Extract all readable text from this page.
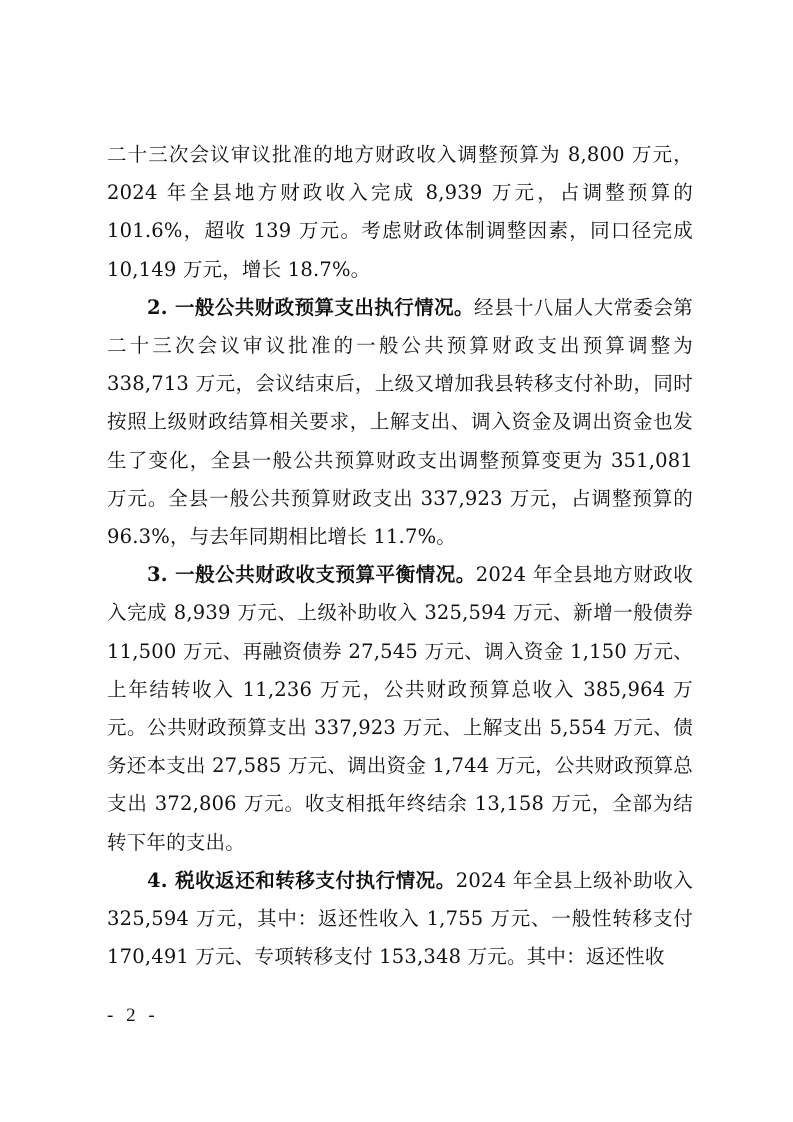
二十三次会议审议批准的地方财政收入调整预算为 8,800 万元，2024 年全县地方财政收入完成 8,939 万元，占调整预算的 101.6%，超收 139 万元。考虑财政体制调整因素，同口径完成 10,149 万元，增长 18.7%。

2. 一般公共财政预算支出执行情况。经县十八届人大常委会第二十三次会议审议批准的一般公共预算财政支出预算调整为 338,713 万元，会议结束后，上级又增加我县转移支付补助，同时按照上级财政结算相关要求，上解支出、调入资金及调出资金也发生了变化，全县一般公共预算财政支出调整预算变更为 351,081 万元。全县一般公共预算财政支出 337,923 万元，占调整预算的 96.3%，与去年同期相比增长 11.7%。

3. 一般公共财政收支预算平衡情况。2024 年全县地方财政收入完成 8,939 万元、上级补助收入 325,594 万元、新增一般债券 11,500 万元、再融资债券 27,545 万元、调入资金 1,150 万元、上年结转收入 11,236 万元，公共财政预算总收入 385,964 万元。公共财政预算支出 337,923 万元、上解支出 5,554 万元、债务还本支出 27,585 万元、调出资金 1,744 万元，公共财政预算总支出 372,806 万元。收支相抵年终结余 13,158 万元，全部为结转下年的支出。

4. 税收返还和转移支付执行情况。2024 年全县上级补助收入 325,594 万元，其中：返还性收入 1,755 万元、一般性转移支付 170,491 万元、专项转移支付 153,348 万元。其中：返还性收

- 2 -
